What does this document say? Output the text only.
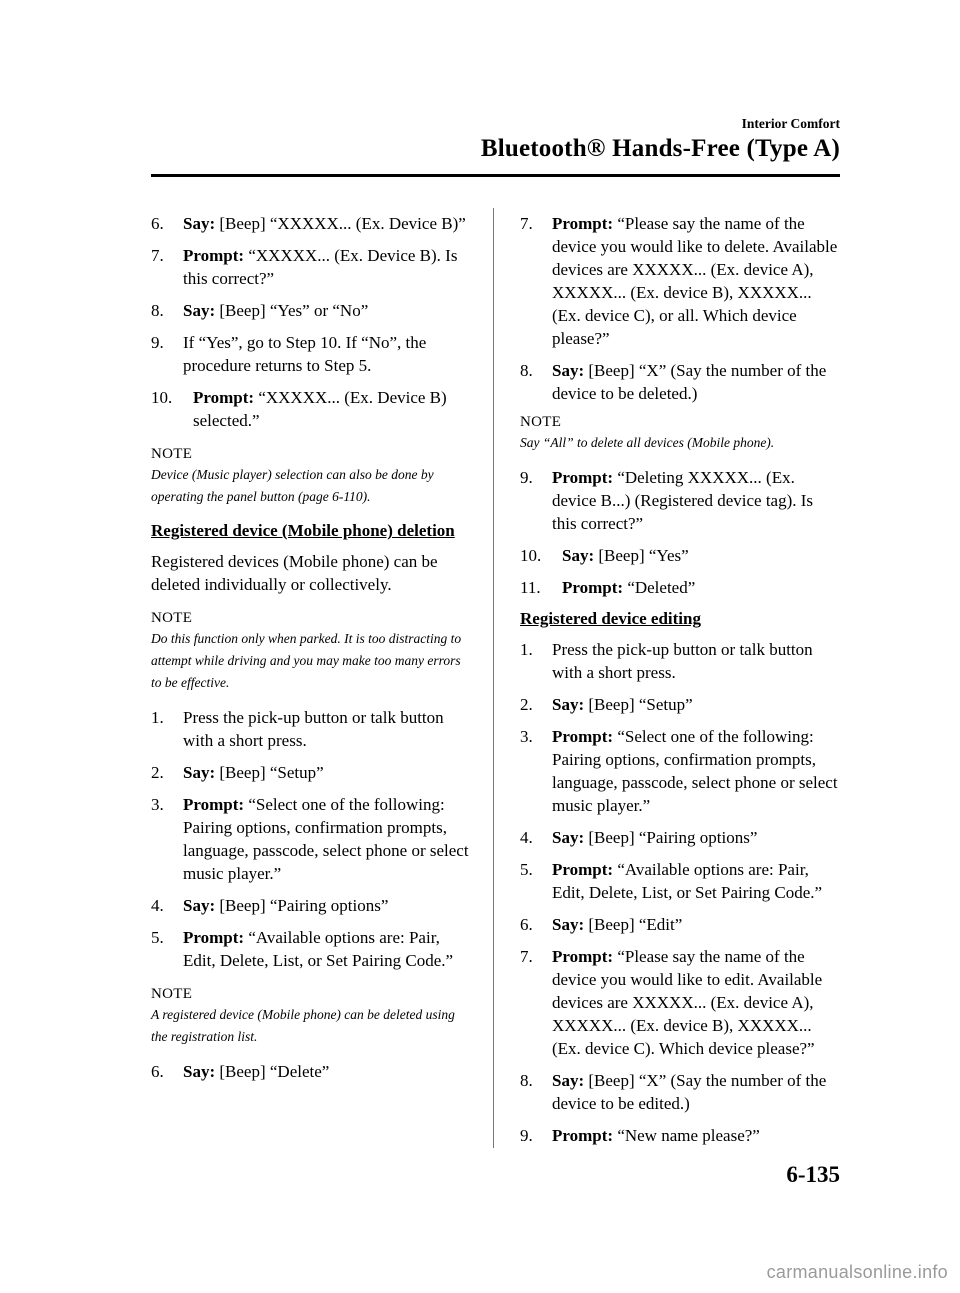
Interior Comfort
Bluetooth® Hands-Free (Type A)
6. Say: [Beep] “XXXXX... (Ex. Device B)”
7. Prompt: “XXXXX... (Ex. Device B). Is this correct?”
8. Say: [Beep] “Yes” or “No”
9. If “Yes”, go to Step 10. If “No”, the procedure returns to Step 5.
10. Prompt: “XXXXX... (Ex. Device B) selected.”
NOTE
Device (Music player) selection can also be done by operating the panel button (page 6-110).
Registered device (Mobile phone) deletion
Registered devices (Mobile phone) can be deleted individually or collectively.
NOTE
Do this function only when parked. It is too distracting to attempt while driving and you may make too many errors to be effective.
1. Press the pick-up button or talk button with a short press.
2. Say: [Beep] “Setup”
3. Prompt: “Select one of the following: Pairing options, confirmation prompts, language, passcode, select phone or select music player.”
4. Say: [Beep] “Pairing options”
5. Prompt: “Available options are: Pair, Edit, Delete, List, or Set Pairing Code.”
NOTE
A registered device (Mobile phone) can be deleted using the registration list.
6. Say: [Beep] “Delete”
7. Prompt: “Please say the name of the device you would like to delete. Available devices are XXXXX... (Ex. device A), XXXXX... (Ex. device B), XXXXX... (Ex. device C), or all. Which device please?”
8. Say: [Beep] “X” (Say the number of the device to be deleted.)
NOTE
Say “All” to delete all devices (Mobile phone).
9. Prompt: “Deleting XXXXX... (Ex. device B...) (Registered device tag). Is this correct?”
10. Say: [Beep] “Yes”
11. Prompt: “Deleted”
Registered device editing
1. Press the pick-up button or talk button with a short press.
2. Say: [Beep] “Setup”
3. Prompt: “Select one of the following: Pairing options, confirmation prompts, language, passcode, select phone or select music player.”
4. Say: [Beep] “Pairing options”
5. Prompt: “Available options are: Pair, Edit, Delete, List, or Set Pairing Code.”
6. Say: [Beep] “Edit”
7. Prompt: “Please say the name of the device you would like to edit. Available devices are XXXXX... (Ex. device A), XXXXX... (Ex. device B), XXXXX... (Ex. device C). Which device please?”
8. Say: [Beep] “X” (Say the number of the device to be edited.)
9. Prompt: “New name please?”
6-135
carmanualsonline.info
